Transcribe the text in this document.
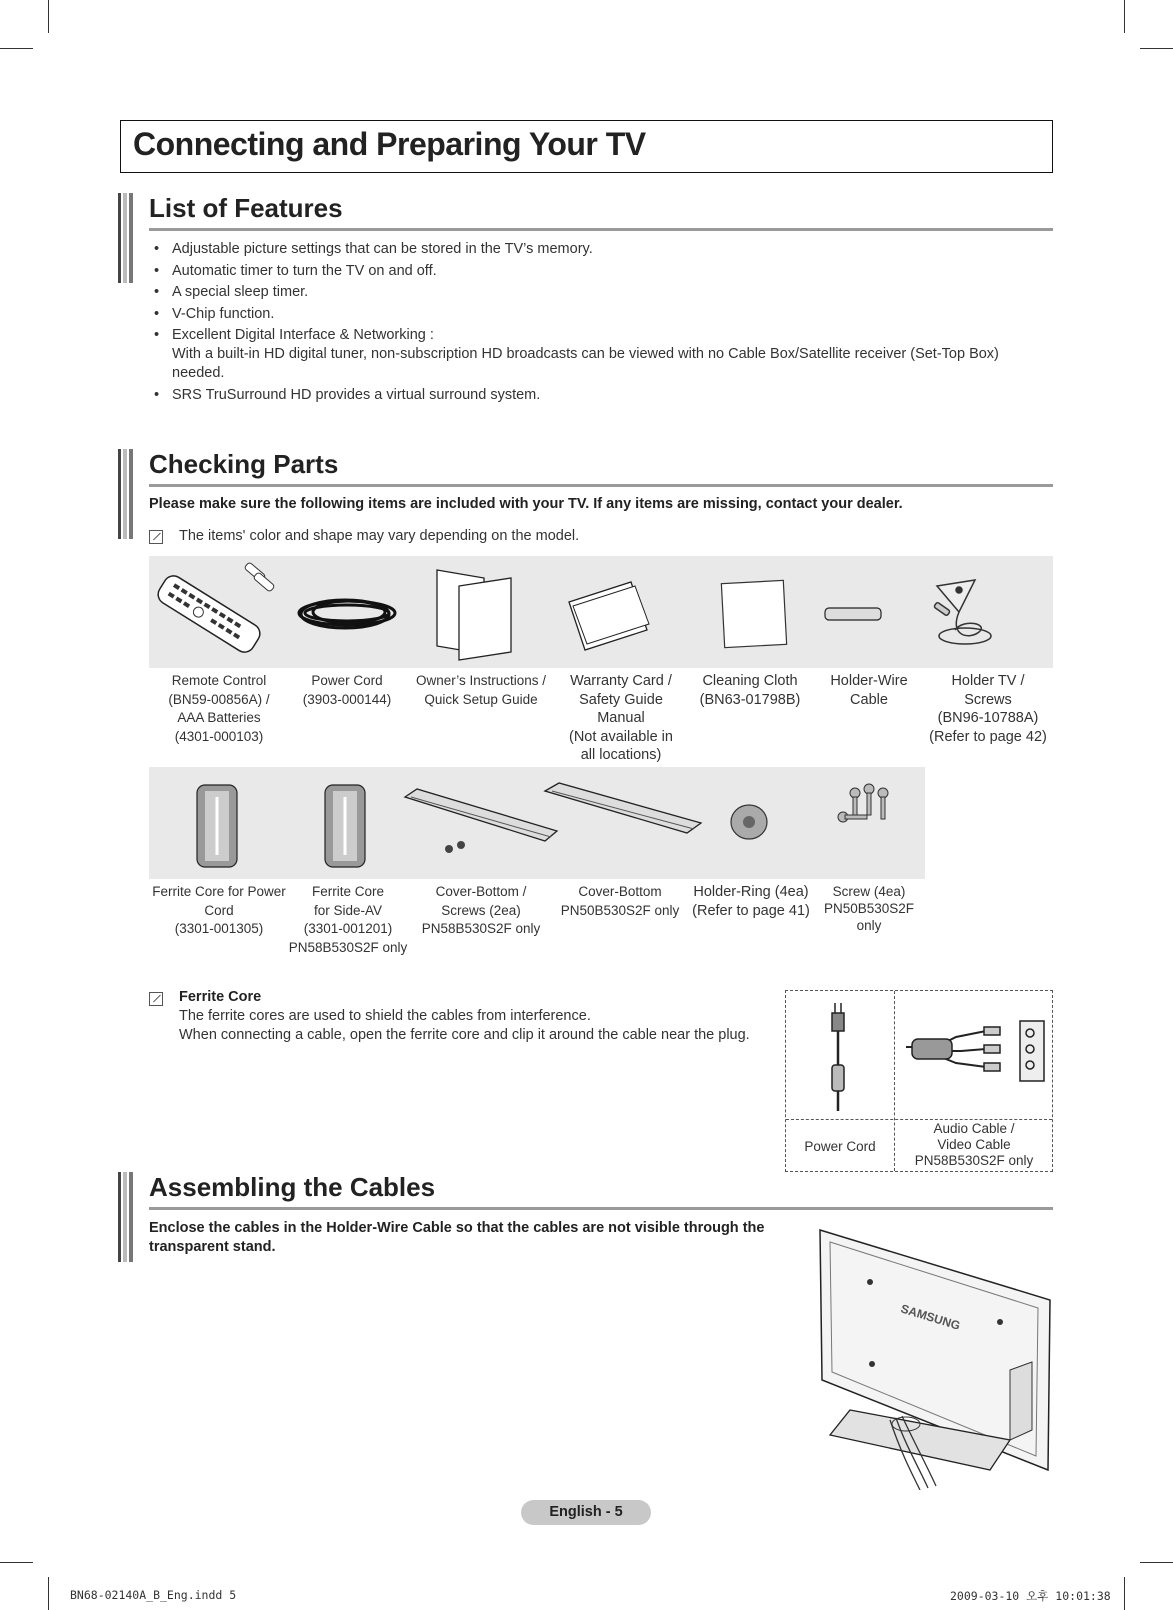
Connecting and Preparing Your TV
List of Features
• Adjustable picture settings that can be stored in the TV’s memory.
• Automatic timer to turn the TV on and off.
• A special sleep timer.
• V-Chip function.
• Excellent Digital Interface & Networking :
With a built-in HD digital tuner, non-subscription HD broadcasts can be viewed with no Cable Box/Satellite receiver (Set-Top Box) needed.
• SRS TruSurround HD provides a virtual surround system.
Checking Parts
Please make sure the following items are included with your TV. If any items are missing, contact your dealer.
The items' color and shape may vary depending on the model.
Remote Control
(BN59-00856A) /
AAA Batteries
(4301-000103)
Power Cord
(3903-000144)
Owner’s Instructions /
Quick Setup Guide
Warranty Card /
Safety Guide
Manual
(Not available in
all locations)
Cleaning Cloth
(BN63-01798B)
Holder-Wire
Cable
Holder TV /
Screws
(BN96-10788A)
(Refer to page 42)
Ferrite Core for Power
Cord
(3301-001305)
Ferrite Core
for Side-AV
(3301-001201)
PN58B530S2F only
Cover-Bottom /
Screws (2ea)
PN58B530S2F only
Cover-Bottom
PN50B530S2F only
Holder-Ring (4ea)
(Refer to page 41)
Screw (4ea)
PN50B530S2F
only
Ferrite Core
The ferrite cores are used to shield the cables from interference.
When connecting a cable, open the ferrite core and clip it around the cable near the plug.
Power Cord
Audio Cable /
Video Cable
PN58B530S2F only
Assembling the Cables
Enclose the cables in the Holder-Wire Cable so that the cables are not visible through the
transparent stand.
SAMSUNG
English - 5
BN68-02140A_B_Eng.indd 5	2009-03-10 오후 10:01:38
